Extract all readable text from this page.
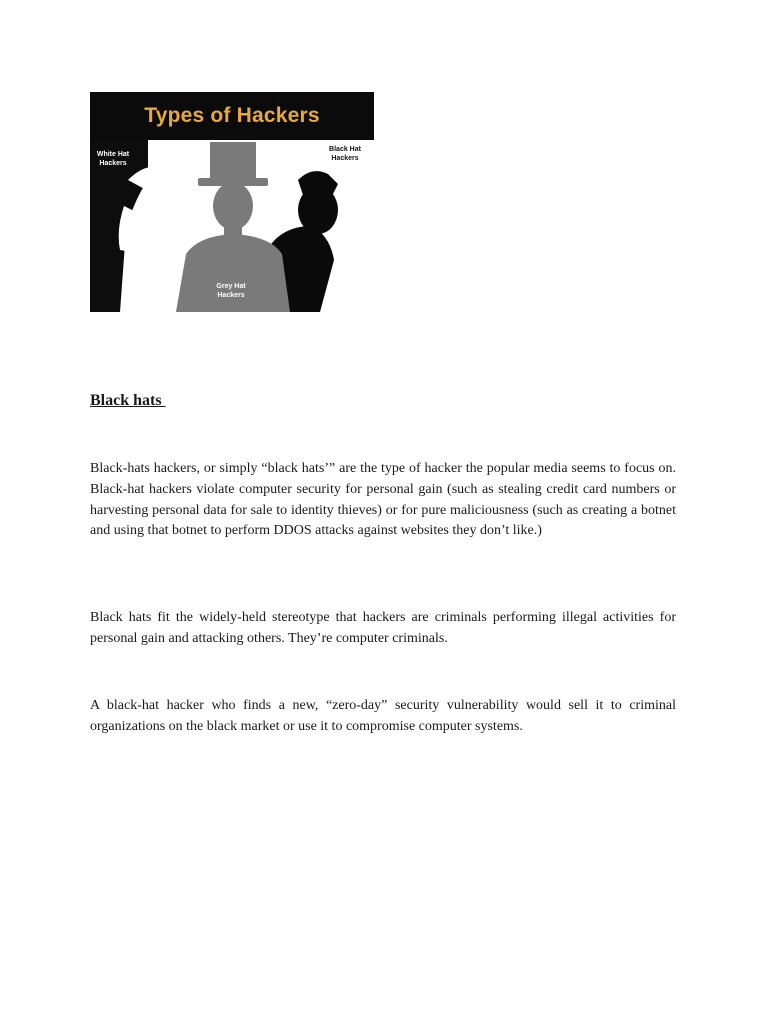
Types of Hackers
White Hat
Hackers
Black Hat
Hackers
Grey Hat
Hackers
Black hats

Black-hats hackers, or simply “black hats’” are the type of hacker the popular media seems to focus on. Black-hat hackers violate computer security for personal gain (such as stealing credit card numbers or harvesting personal data for sale to identity thieves) or for pure maliciousness (such as creating a botnet and using that botnet to perform DDOS attacks against websites they don’t like.)

Black hats fit the widely-held stereotype that hackers are criminals performing illegal activities for personal gain and attacking others. They’re computer criminals.

A black-hat hacker who finds a new, “zero-day” security vulnerability would sell it to criminal organizations on the black market or use it to compromise computer systems.
